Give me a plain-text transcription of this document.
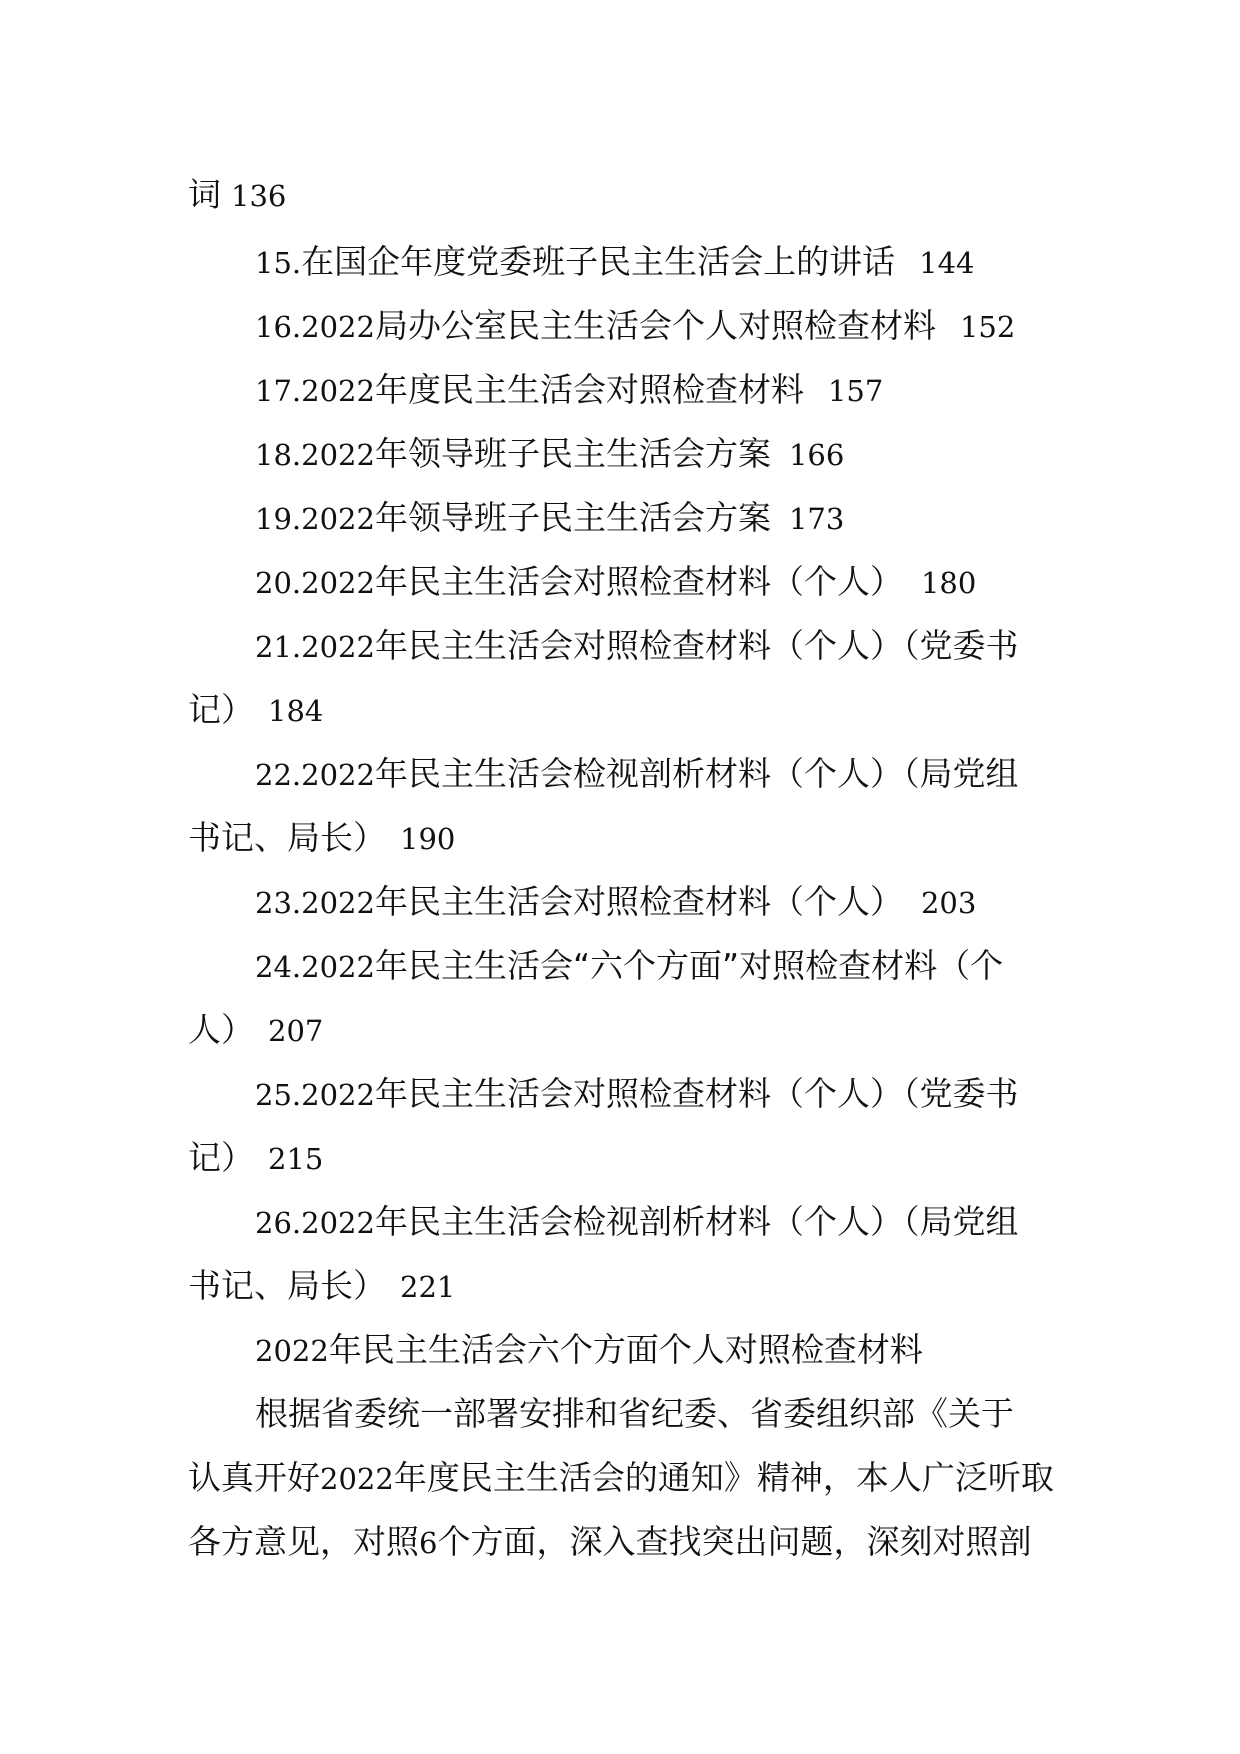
词 136
15.在国企年度党委班子民主生活会上的讲话 144
16.2022局办公室民主生活会个人对照检查材料 152
17.2022年度民主生活会对照检查材料 157
18.2022年领导班子民主生活会方案 166
19.2022年领导班子民主生活会方案 173
20.2022年民主生活会对照检查材料（个人） 180
21.2022年民主生活会对照检查材料（个人）（党委书
记） 184
22.2022年民主生活会检视剖析材料（个人）（局党组
书记、局长） 190
23.2022年民主生活会对照检查材料（个人） 203
24.2022年民主生活会“六个方面”对照检查材料（个
人） 207
25.2022年民主生活会对照检查材料（个人）（党委书
记） 215
26.2022年民主生活会检视剖析材料（个人）（局党组
书记、局长） 221
2022年民主生活会六个方面个人对照检查材料
根据省委统一部署安排和省纪委、省委组织部《关于
认真开好2022年度民主生活会的通知》精神，本人广泛听取
各方意见，对照6个方面，深入查找突出问题，深刻对照剖
